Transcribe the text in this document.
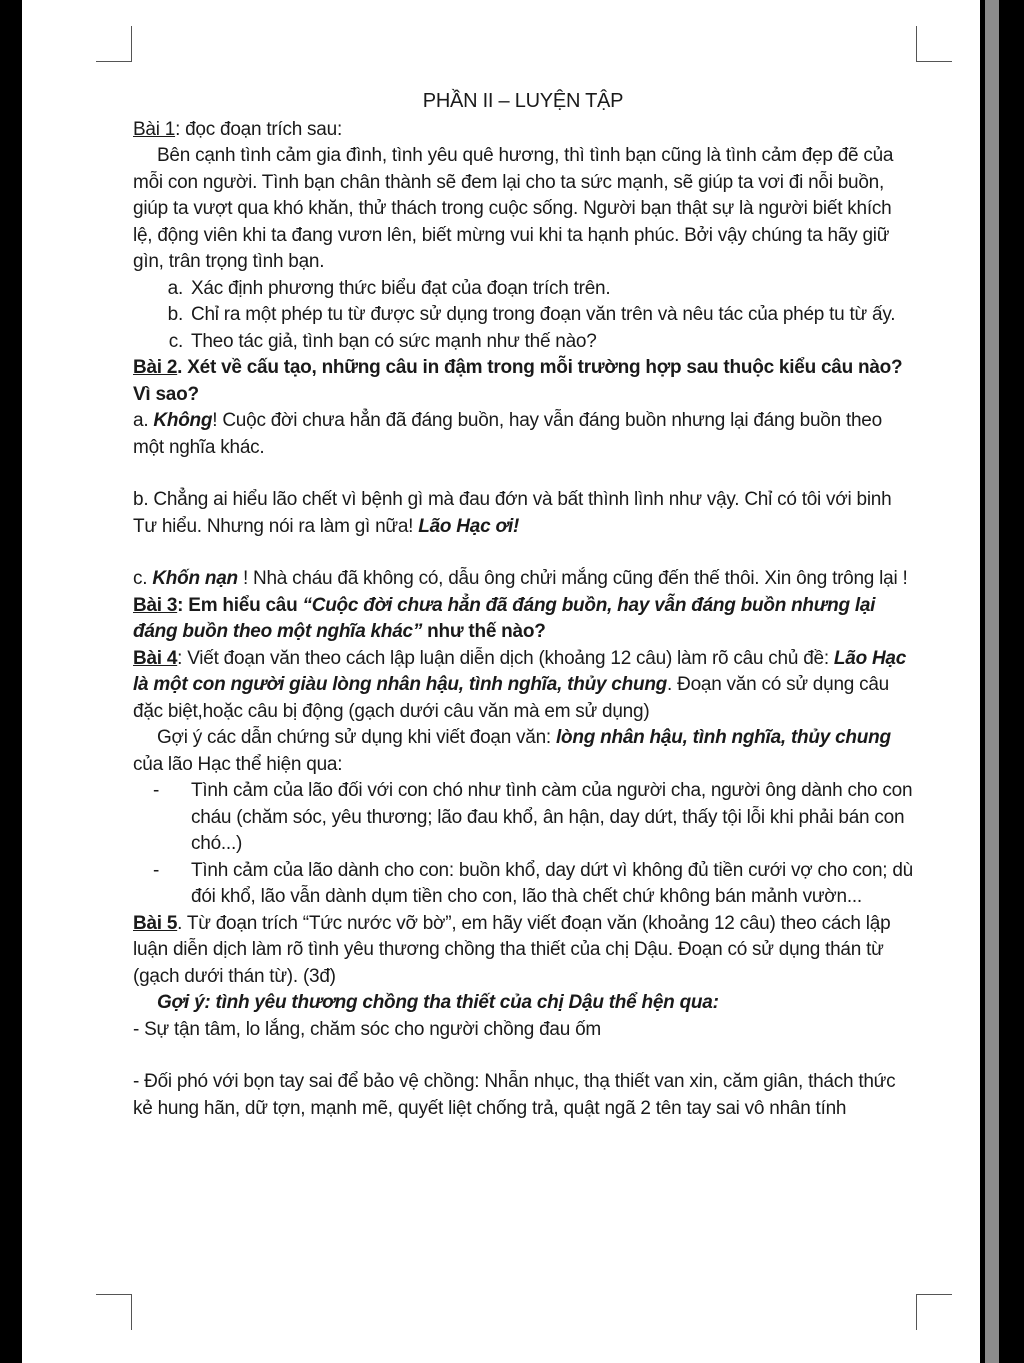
PHẦN II – LUYỆN TẬP

Bài 1: đọc đoạn trích sau:

Bên cạnh tình cảm gia đình, tình yêu quê hương, thì tình bạn cũng là tình cảm đẹp đẽ của mỗi con người. Tình bạn chân thành sẽ đem lại cho ta sức mạnh, sẽ giúp ta vơi đi nỗi buồn, giúp ta vượt qua khó khăn, thử thách trong cuộc sống. Người bạn thật sự là người biết khích lệ, động viên khi ta đang vươn lên, biết mừng vui khi ta hạnh phúc. Bởi vậy chúng ta hãy giữ gìn, trân trọng tình bạn.

a. Xác định phương thức biểu đạt của đoạn trích trên.
b. Chỉ ra một phép tu từ được sử dụng trong đoạn văn trên và nêu tác của phép tu từ ấy.
c. Theo tác giả, tình bạn có sức mạnh như thế nào?

Bài 2. Xét về cấu tạo, những câu in đậm trong mỗi trường hợp sau thuộc kiểu câu nào? Vì sao?

a. Không! Cuộc đời chưa hẳn đã đáng buồn, hay vẫn đáng buồn nhưng lại đáng buồn theo một nghĩa khác.

b. Chẳng ai hiểu lão chết vì bệnh gì mà đau đớn và bất thình lình như vậy. Chỉ có tôi với binh Tư hiểu. Nhưng nói ra làm gì nữa! Lão Hạc ơi!

c. Khốn nạn ! Nhà cháu đã không có, dẫu ông chửi mắng cũng đến thế thôi. Xin ông trông lại !

Bài 3: Em hiểu câu “Cuộc đời chưa hẳn đã đáng buồn, hay vẫn đáng buồn nhưng lại đáng buồn theo một nghĩa khác” như thế nào?

Bài 4: Viết đoạn văn theo cách lập luận diễn dịch (khoảng 12 câu) làm rõ câu chủ đề: Lão Hạc là một con người giàu lòng nhân hậu, tình nghĩa, thủy chung. Đoạn văn có sử dụng câu đặc biệt,hoặc câu bị động (gạch dưới câu văn mà em sử dụng)

Gợi ý các dẫn chứng sử dụng khi viết đoạn văn: lòng nhân hậu, tình nghĩa, thủy chung của lão Hạc thể hiện qua:

-	Tình cảm của lão đối với con chó như tình càm của người cha, người ông dành cho con cháu (chăm sóc, yêu thương; lão đau khổ, ân hận, day dứt, thấy tội lỗi khi phải bán con chó...)
-	Tình cảm của lão dành cho con: buồn khổ, day dứt vì không đủ tiền cưới vợ cho con; dù đói khổ, lão vẫn dành dụm tiền cho con, lão thà chết chứ không bán mảnh vườn...

Bài 5. Từ đoạn trích “Tức nước vỡ bờ”, em hãy viết đoạn văn (khoảng 12 câu) theo cách lập luận diễn dịch làm rõ tình yêu thương chồng tha thiết của chị Dậu. Đoạn có sử dụng thán từ (gạch dưới thán từ). (3đ)

Gợi ý: tình yêu thương chồng tha thiết của chị Dậu thể hện qua:

- Sự tận tâm, lo lắng, chăm sóc cho người chồng đau ốm

- Đối phó với bọn tay sai để bảo vệ chồng: Nhẫn nhục, thạ thiết van xin, căm giân, thách thức kẻ hung hãn, dữ tợn, mạnh mẽ, quyết liệt chống trả, quật ngã 2 tên tay sai vô nhân tính
